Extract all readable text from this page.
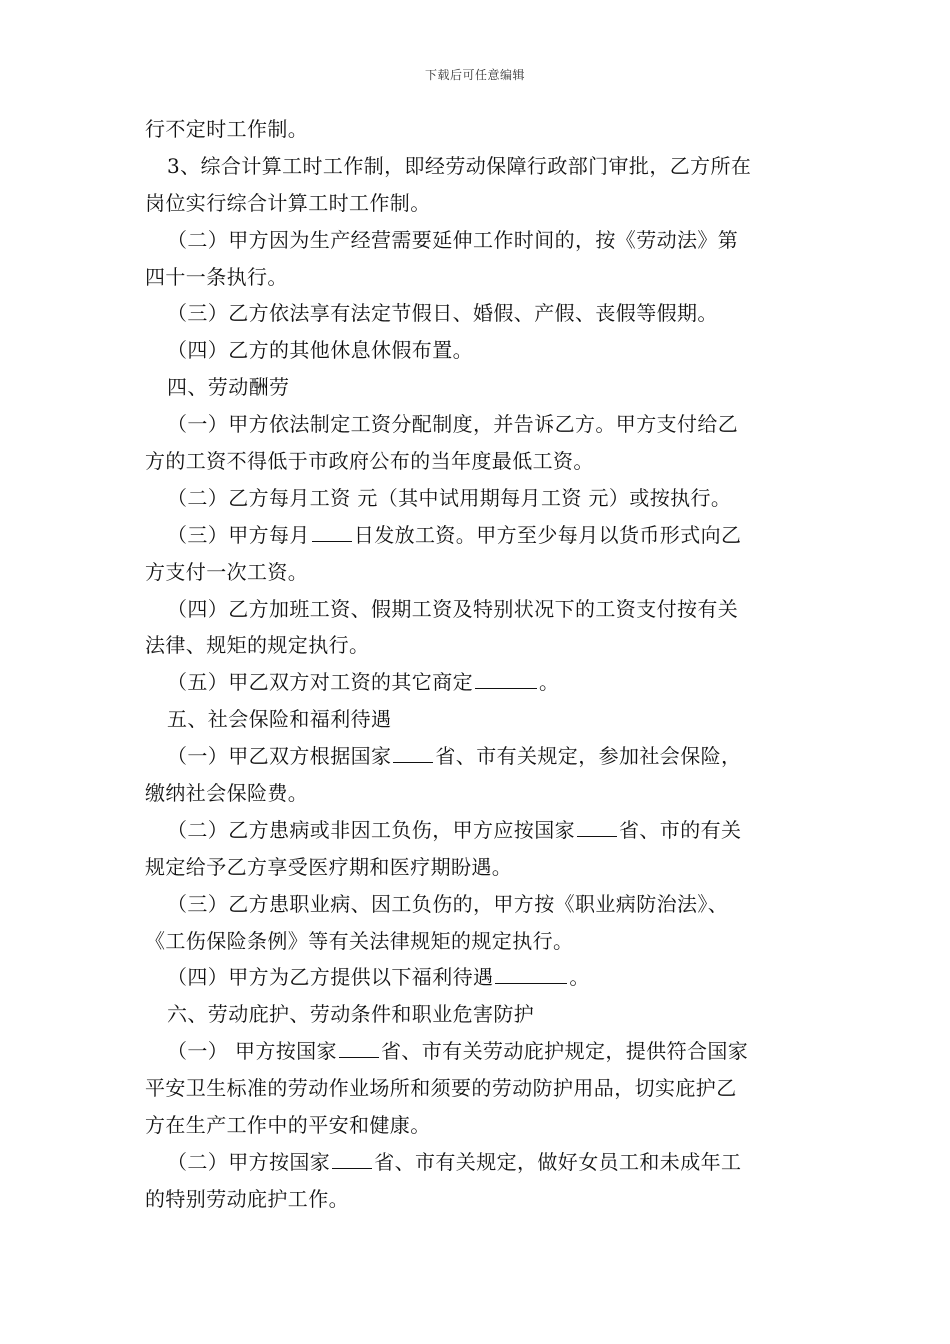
下载后可任意编辑
行不定时工作制。
3、综合计算工时工作制，即经劳动保障行政部门审批，乙方所在
岗位实行综合计算工时工作制。
（二）甲方因为生产经营需要延伸工作时间的，按《劳动法》第
四十一条执行。
（三）乙方依法享有法定节假日、婚假、产假、丧假等假期。
（四）乙方的其他休息休假布置。
四、劳动酬劳
（一）甲方依法制定工资分配制度，并告诉乙方。甲方支付给乙
方的工资不得低于市政府公布的当年度最低工资。
（二）乙方每月工资 元（其中试用期每月工资 元）或按执行。
（三）甲方每月 日发放工资。甲方至少每月以货币形式向乙
方支付一次工资。
（四）乙方加班工资、假期工资及特别状况下的工资支付按有关
法律、规矩的规定执行。
（五）甲乙双方对工资的其它商定	。
五、社会保险和福利待遇
（一）甲乙双方根据国家 省、市有关规定，参加社会保险，
缴纳社会保险费。
（二）乙方患病或非因工负伤，甲方应按国家 省、市的有关
规定给予乙方享受医疗期和医疗期盼遇。
（三）乙方患职业病、因工负伤的，甲方按《职业病防治法》、
《工伤保险条例》等有关法律规矩的规定执行。
（四）甲方为乙方提供以下福利待遇	。
六、劳动庇护、劳动条件和职业危害防护
（一） 甲方按国家 省、市有关劳动庇护规定，提供符合国家
平安卫生标准的劳动作业场所和须要的劳动防护用品，切实庇护乙
方在生产工作中的平安和健康。
（二）甲方按国家 省、市有关规定，做好女员工和未成年工
的特别劳动庇护工作。
